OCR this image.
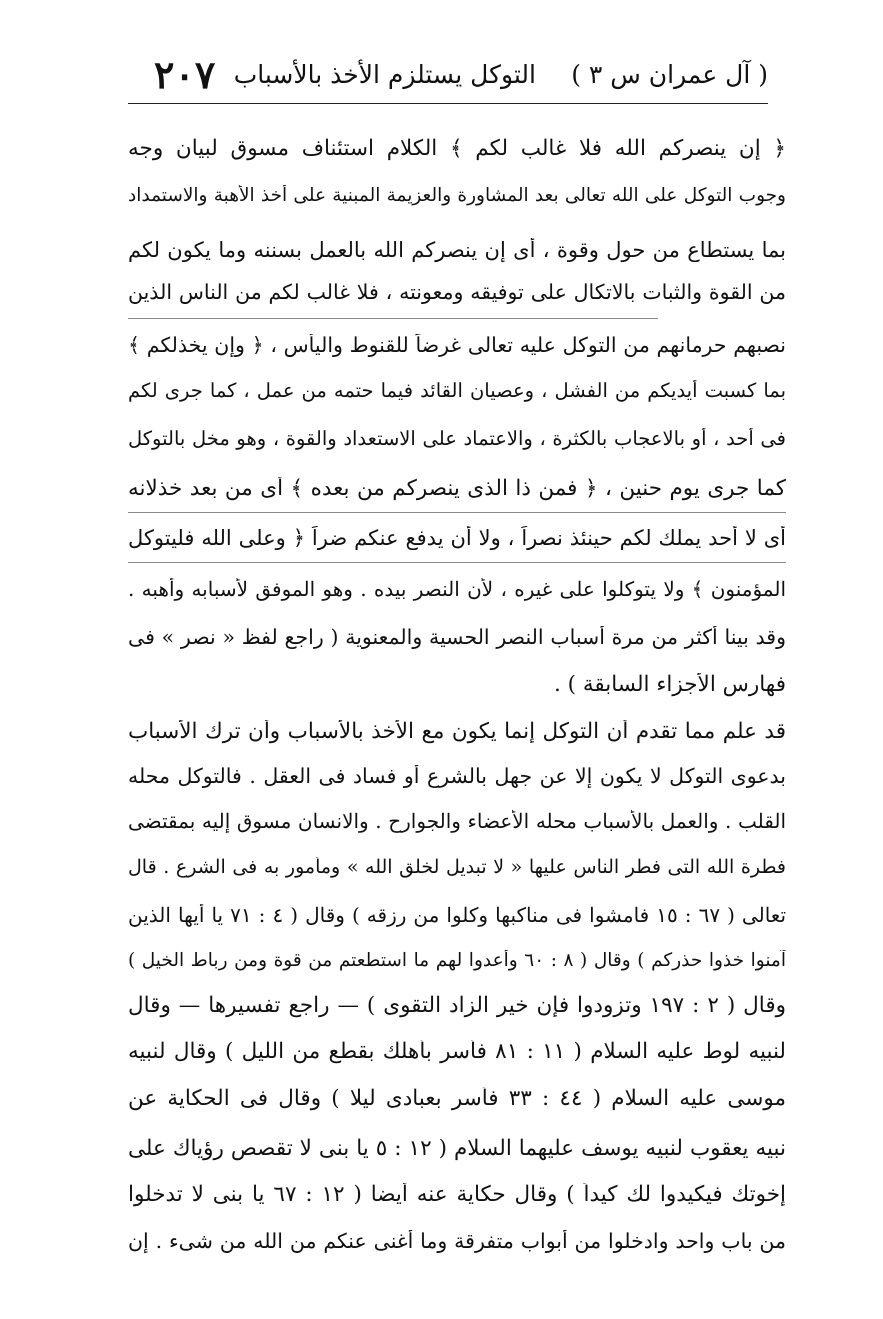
( آل عمران س ٣ )
التوكل يستلزم الأخذ بالأسباب
٢٠٧
﴿ إن ينصركم الله فلا غالب لكم ﴾ الكلام استئناف مسوق لبيان وجه
وجوب التوكل على الله تعالى بعد المشاورة والعزيمة المبنية على أخذ الأهبة والاستمداد
بما يستطاع من حول وقوة ، أى إن ينصركم الله بالعمل بسننه وما يكون لكم
من القوة والثبات بالاتكال على توفيقه ومعونته ، فلا غالب لكم من الناس الذين
نصبهم حرمانهم من التوكل عليه تعالى غرضاً للقنوط واليأس ، ﴿ وإن يخذلكم ﴾
بما كسبت أيديكم من الفشل ، وعصيان القائد فيما حتمه من عمل ، كما جرى لكم
فى أحد ، أو بالاعجاب بالكثرة ، والاعتماد على الاستعداد والقوة ، وهو مخل بالتوكل
كما جرى يوم حنين ، ﴿ فمن ذا الذى ينصركم من بعده ﴾ أى من بعد خذلانه
أى لا أحد يملك لكم حينئذ نصراً ، ولا أن يدفع عنكم ضراً ﴿ وعلى الله فليتوكل
المؤمنون ﴾ ولا يتوكلوا على غيره ، لأن النصر بيده . وهو الموفق لأسبابه وأهبه .
وقد بينا أكثر من مرة أسباب النصر الحسية والمعنوية ( راجع لفظ « نصر » فى
فهارس الأجزاء السابقة ) .
قد علم مما تقدم أن التوكل إنما يكون مع الأخذ بالأسباب وأن ترك الأسباب
بدعوى التوكل لا يكون إلا عن جهل بالشرع أو فساد فى العقل . فالتوكل محله
القلب . والعمل بالأسباب محله الأعضاء والجوارح . والانسان مسوق إليه بمقتضى
فطرة الله التى فطر الناس عليها « لا تبديل لخلق الله » ومأمور به فى الشرع . قال
تعالى ( ٦٧ : ١٥ فامشوا فى مناكبها وكلوا من رزقه ) وقال ( ٤ : ٧١ يا أيها الذين
آمنوا خذوا حذركم ) وقال ( ٨ : ٦٠ وأعدوا لهم ما استطعتم من قوة ومن رباط الخيل )
وقال ( ٢ : ١٩٧ وتزودوا فإن خير الزاد التقوى ) — راجع تفسيرها — وقال
لنبيه لوط عليه السلام ( ١١ : ٨١ فأسر بأهلك بقطع من الليل ) وقال لنبيه
موسى عليه السلام ( ٤٤ : ٣٣ فأسر بعبادى ليلا ) وقال فى الحكاية عن
نبيه يعقوب لنبيه يوسف عليهما السلام ( ١٢ : ٥ يا بنى لا تقصص رؤياك على
إخوتك فيكيدوا لك كيداً ) وقال حكاية عنه أيضا ( ١٢ : ٦٧ يا بنى لا تدخلوا
من باب واحد وادخلوا من أبواب متفرقة وما أغنى عنكم من الله من شىء . إن
